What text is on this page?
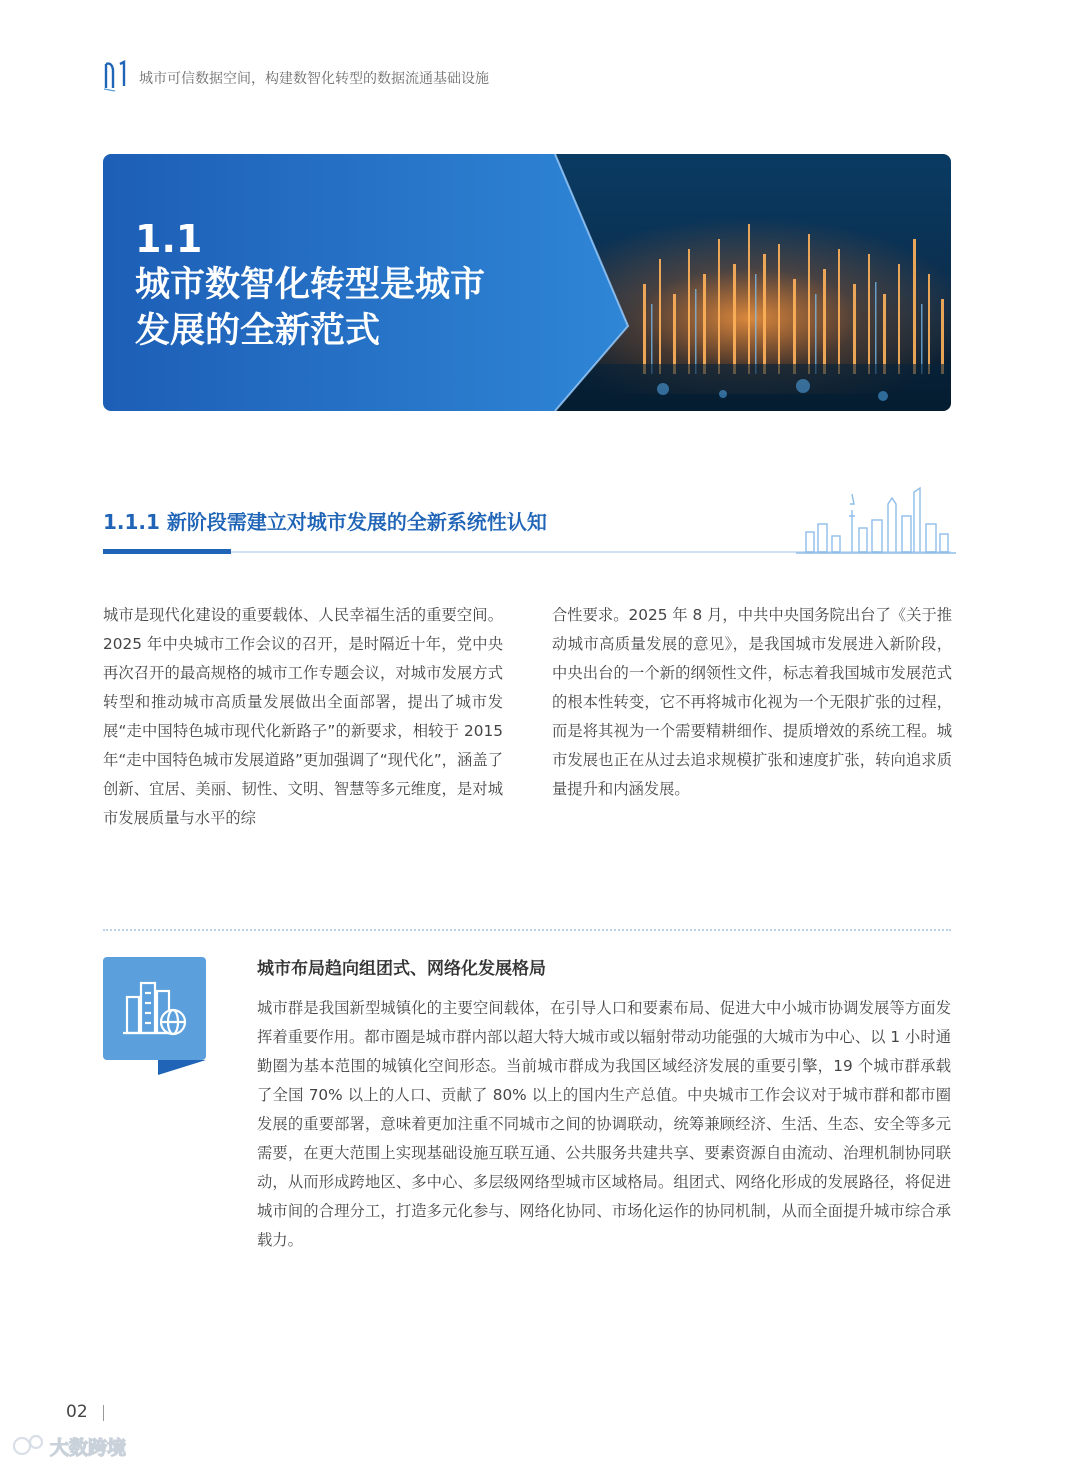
城市可信数据空间，构建数智化转型的数据流通基础设施
1.1
城市数智化转型是城市
发展的全新范式
1.1.1 新阶段需建立对城市发展的全新系统性认知
城市是现代化建设的重要载体、人民幸福生活的重要空间。2025 年中央城市工作会议的召开，是时隔近十年，党中央再次召开的最高规格的城市工作专题会议，对城市发展方式转型和推动城市高质量发展做出全面部署，提出了城市发展“走中国特色城市现代化新路子”的新要求，相较于 2015 年“走中国特色城市发展道路”更加强调了“现代化”，涵盖了创新、宜居、美丽、韧性、文明、智慧等多元维度，是对城市发展质量与水平的综
合性要求。2025 年 8 月，中共中央国务院出台了《关于推动城市高质量发展的意见》，是我国城市发展进入新阶段，中央出台的一个新的纲领性文件，标志着我国城市发展范式的根本性转变，它不再将城市化视为一个无限扩张的过程，而是将其视为一个需要精耕细作、提质增效的系统工程。城市发展也正在从过去追求规模扩张和速度扩张，转向追求质量提升和内涵发展。
城市布局趋向组团式、网络化发展格局
城市群是我国新型城镇化的主要空间载体，在引导人口和要素布局、促进大中小城市协调发展等方面发挥着重要作用。都市圈是城市群内部以超大特大城市或以辐射带动功能强的大城市为中心、以 1 小时通勤圈为基本范围的城镇化空间形态。当前城市群成为我国区域经济发展的重要引擎，19 个城市群承载了全国 70% 以上的人口、贡献了 80% 以上的国内生产总值。中央城市工作会议对于城市群和都市圈发展的重要部署，意味着更加注重不同城市之间的协调联动，统筹兼顾经济、生活、生态、安全等多元需要，在更大范围上实现基础设施互联互通、公共服务共建共享、要素资源自由流动、治理机制协同联动，从而形成跨地区、多中心、多层级网络型城市区域格局。组团式、网络化形成的发展路径，将促进城市间的合理分工，打造多元化参与、网络化协同、市场化运作的协同机制，从而全面提升城市综合承载力。
02
大数跨境
